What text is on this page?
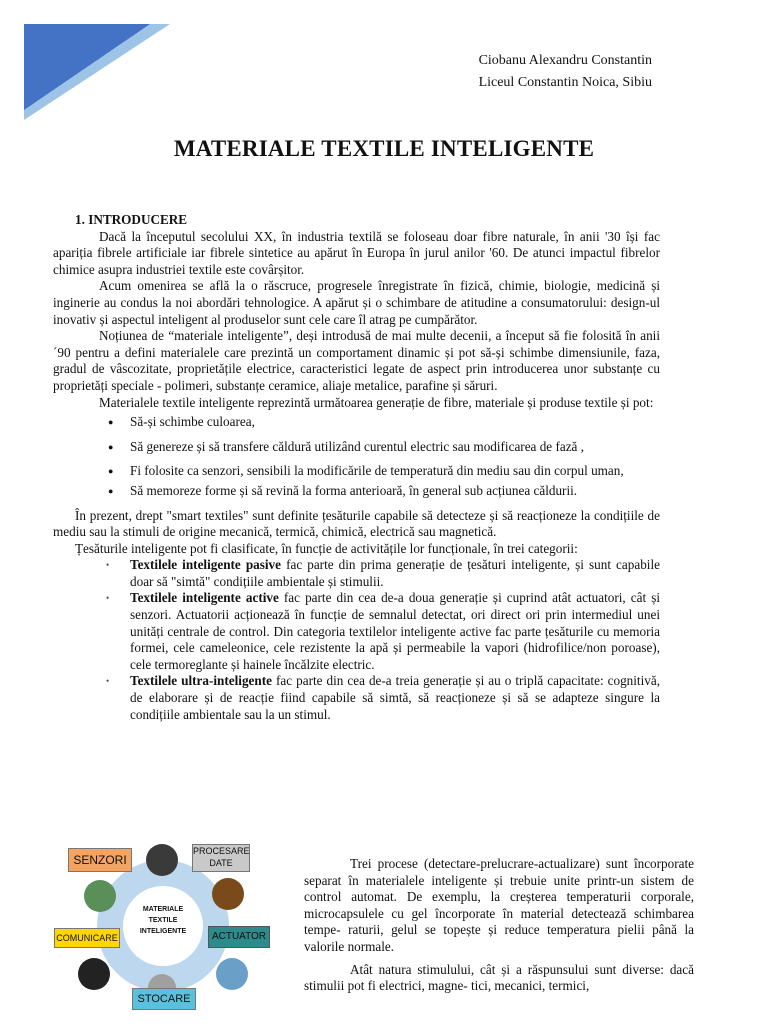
Ciobanu Alexandru Constantin
Liceul Constantin Noica, Sibiu
MATERIALE TEXTILE INTELIGENTE
1. INTRODUCERE

Dacă la începutul secolului XX, în industria textilă se foloseau doar fibre naturale, în anii '30 își fac apariția fibrele artificiale iar fibrele sintetice au apărut în Europa în jurul anilor '60. De atunci impactul fibrelor chimice asupra industriei textile este covârșitor.

Acum omenirea se află la o răscruce, progresele înregistrate în fizică, chimie, biologie, medicină și inginerie au condus la noi abordări tehnologice. A apărut și o schimbare de atitudine a consumatorului: design-ul inovativ și aspectul inteligent al produselor sunt cele care îl atrag pe cumpărător.

Noțiunea de “materiale inteligente”, deși introdusă de mai multe decenii, a început să fie folosită în anii ´90 pentru a defini materialele care prezintă un comportament dinamic și pot să-și schimbe dimensiunile, faza, gradul de vâscozitate, proprietățile electrice, caracteristici legate de aspect prin introducerea unor substanțe cu proprietăți speciale - polimeri, substanțe ceramice, aliaje metalice, parafine și săruri.

Materialele textile inteligente reprezintă următoarea generație de fibre, materiale și produse textile și pot:

● Să-și schimbe culoarea,
● Să genereze și să transfere căldură utilizând curentul electric sau modificarea de fază ,
● Fi folosite ca senzori, sensibili la modificările de temperatură din mediu sau din corpul uman,
● Să memoreze forme și să revină la forma anterioară, în general sub acțiunea căldurii.

În prezent, drept "smart textiles" sunt definite țesăturile capabile să detecteze și să reacționeze la condițiile de mediu sau la stimuli de origine mecanică, termică, chimică, electrică sau magnetică.

Țesăturile inteligente pot fi clasificate, în funcție de activitățile lor funcționale, în trei categorii:

• Textilele inteligente pasive fac parte din prima generație de țesături inteligente, și sunt capabile doar să "simtă" condițiile ambientale și stimulii.
• Textilele inteligente active fac parte din cea de-a doua generație și cuprind atât actuatori, cât și senzori. Actuatorii acționează în funcție de semnalul detectat, ori direct ori prin intermediul unei unități centrale de control. Din categoria textilelor inteligente active fac parte țesăturile cu memoria formei, cele cameleonice, cele rezistente la apă și permeabile la vapori (hidrofilice/non poroase), cele termoreglante și hainele încălzite electric.
• Textilele ultra-inteligente fac parte din cea de-a treia generație și au o triplă capacitate: cognitivă, de elaborare și de reacție fiind capabile să simtă, să reacționeze și să se adapteze singure la condițiile ambientale sau la un stimul.
SENZORI
PROCESARE
DATE
MATERIALE
TEXTILE
INTELIGENTE
COMUNICARE	ACTUATOR
STOCARE

Trei procese (detectare-prelucrare-actualizare) sunt încorporate separat în materialele inteligente și trebuie unite printr-un sistem de control automat. De exemplu, la creșterea temperaturii corporale, microcapsulele cu gel încorporate în material detectează schimbarea tempe- raturii, gelul se topește și reduce temperatura pielii până la valorile normale.

Atât natura stimulului, cât și a răspunsului sunt diverse: dacă stimulii pot fi electrici, magne- tici, mecanici, termici,
